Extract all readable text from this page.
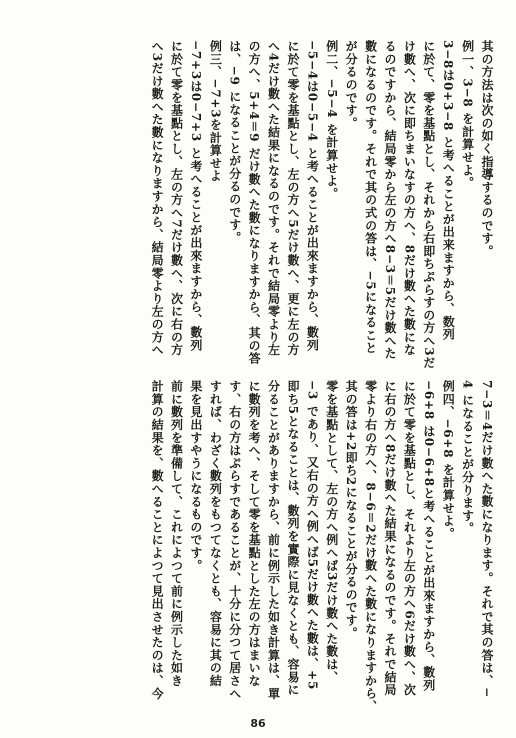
其の方法は次の如く指導するのです。
例一、3−8 を計算せよ。
3−8は0+3−8 と考へることが出来ますから、数列
に於て、零を基點とし、それから右即ちぷらすの方へ3だ
け數へ、次に即ちまいなすの方へ、8だけ數へた數にな
るのですから、結局零から左の方へ8−3＝5だけ數へた
數になるのです。それで其の式の答は、−5になること
が分るのです。
例二、−5−4 を計算せよ。
−5−4は0−5−4 と考へることが出來ますから、數列
に於て零を基點とし、左の方へ5だけ數へ、更に左の方
へ4だけ數へた結果になるのです。それで結局零より左
の方へ、5+4＝9 だけ數へた數になりますから、其の答
は、−9 になることが分るのです。
例三、−7+3を計算せよ
−7+3は0−7+3 と考へることが出來ますから、數列
に於て零を基點とし、左の方へ7だけ數へ、次に右の方
へ3だけ數へた數になりますから、結局零より左の方へ
7−3＝4だけ數へた數になります。それで其の答は、−
4 になることが分ります。
例四、−6+8 を計算せよ。
−6+8 は0−6+8と考へることが出來ますから、數列
に於て零を基點とし、それより左の方へ6だけ數へ、次
に右の方へ8だけ數へた結果になるのです。それで結局
零より右の方へ、8−6＝2だけ數へた數になりますから、
其の答は+2即ち2になることが分るのです。
零を基點として、左の方へ例へば3だけ數へた數は、
−3 であり、又右の方へ例へば5だけ數へた數は、+5
即ち5となることは、數列を實際に見なくとも、容易に
分ることがありますから、前に例示した如き計算は、單
に數列を考へ、そして零を基點とした左の方はまいな
す、右の方はぷらすであることが、十分に分つて居さへ
すれば、わざく數列をもつてなくとも、容易に其の結
果を見出すやうになるものです。
前に數列を準備して、これによつて前に例示した如き
計算の結果を、數へることによつて見出させたのは、今
86
